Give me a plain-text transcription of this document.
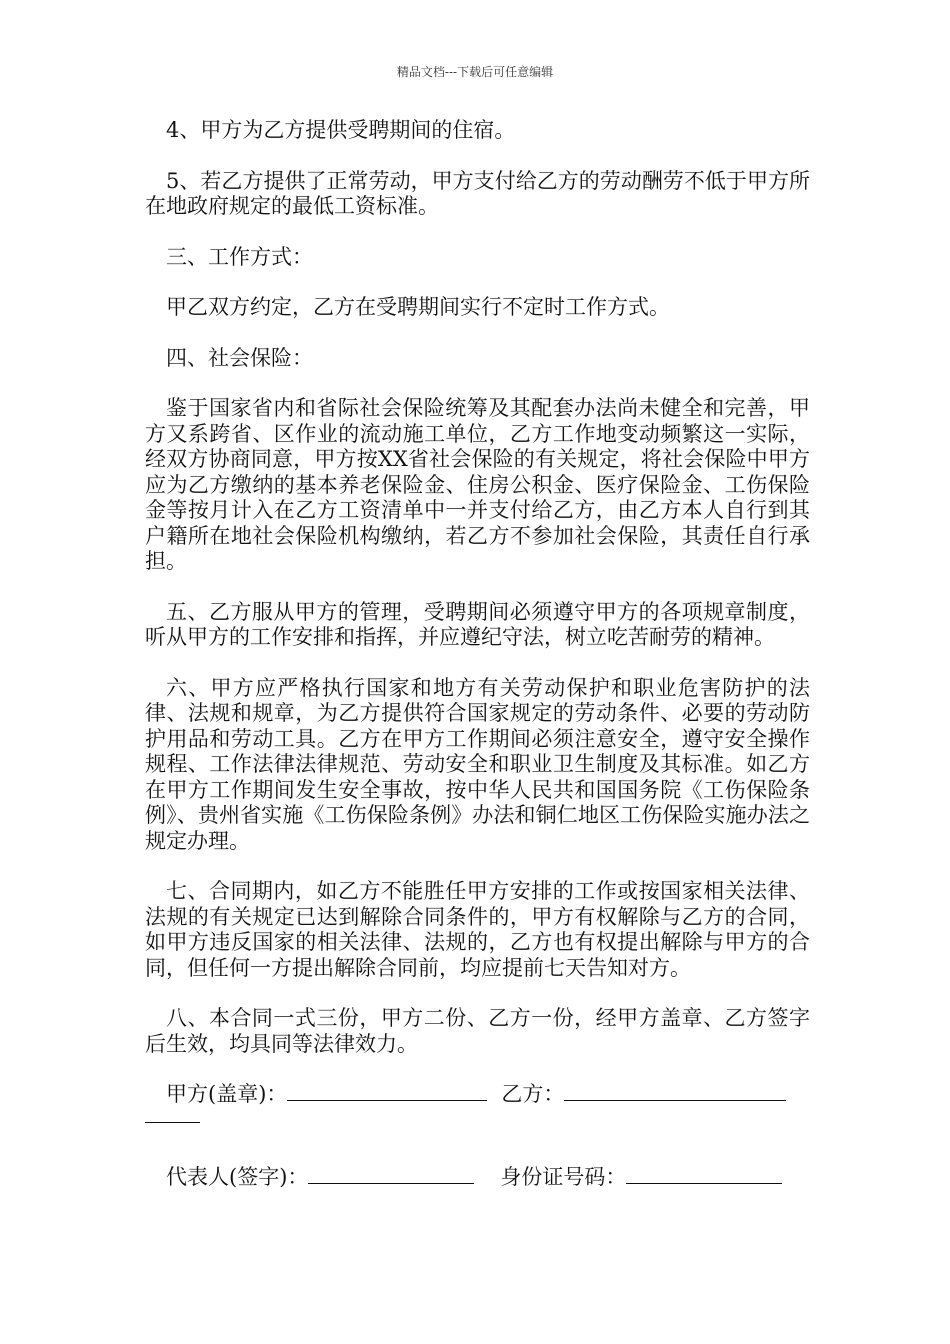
精品文档---下载后可任意编辑

4、甲方为乙方提供受聘期间的住宿。

5、若乙方提供了正常劳动，甲方支付给乙方的劳动酬劳不低于甲方所在地政府规定的最低工资标准。

三、工作方式：

甲乙双方约定，乙方在受聘期间实行不定时工作方式。

四、社会保险：

鉴于国家省内和省际社会保险统筹及其配套办法尚未健全和完善，甲方又系跨省、区作业的流动施工单位，乙方工作地变动频繁这一实际，经双方协商同意，甲方按XX省社会保险的有关规定，将社会保险中甲方应为乙方缴纳的基本养老保险金、住房公积金、医疗保险金、工伤保险金等按月计入在乙方工资清单中一并支付给乙方，由乙方本人自行到其户籍所在地社会保险机构缴纳，若乙方不参加社会保险，其责任自行承担。

五、乙方服从甲方的管理，受聘期间必须遵守甲方的各项规章制度，听从甲方的工作安排和指挥，并应遵纪守法，树立吃苦耐劳的精神。

六、甲方应严格执行国家和地方有关劳动保护和职业危害防护的法律、法规和规章，为乙方提供符合国家规定的劳动条件、必要的劳动防护用品和劳动工具。乙方在甲方工作期间必须注意安全，遵守安全操作规程、工作法律法律规范、劳动安全和职业卫生制度及其标准。如乙方在甲方工作期间发生安全事故，按中华人民共和国国务院《工伤保险条例》、贵州省实施《工伤保险条例》办法和铜仁地区工伤保险实施办法之规定办理。

七、合同期内，如乙方不能胜任甲方安排的工作或按国家相关法律、法规的有关规定已达到解除合同条件的，甲方有权解除与乙方的合同，如甲方违反国家的相关法律、法规的，乙方也有权提出解除与甲方的合同，但任何一方提出解除合同前，均应提前七天告知对方。

八、本合同一式三份，甲方二份、乙方一份，经甲方盖章、乙方签字后生效，均具同等法律效力。

甲方(盖章)：	乙方：

代表人(签字)：	身份证号码：
